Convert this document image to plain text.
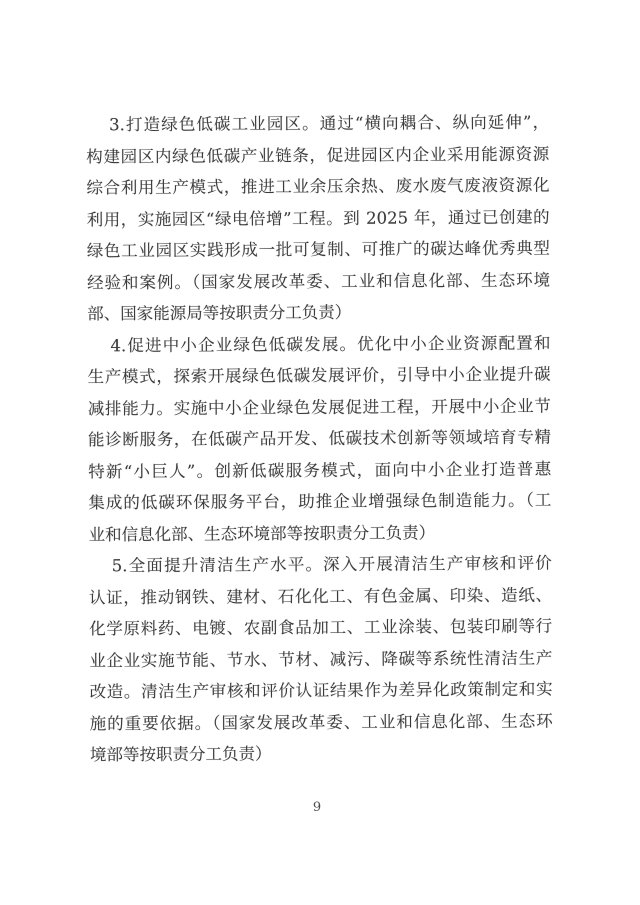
3.打造绿色低碳工业园区。通过“横向耦合、纵向延伸”，
构建园区内绿色低碳产业链条，促进园区内企业采用能源资源
综合利用生产模式，推进工业余压余热、废水废气废液资源化
利用，实施园区“绿电倍增”工程。到 2025 年，通过已创建的
绿色工业园区实践形成一批可复制、可推广的碳达峰优秀典型
经验和案例。（国家发展改革委、工业和信息化部、生态环境
部、国家能源局等按职责分工负责）
4.促进中小企业绿色低碳发展。优化中小企业资源配置和
生产模式，探索开展绿色低碳发展评价，引导中小企业提升碳
减排能力。实施中小企业绿色发展促进工程，开展中小企业节
能诊断服务，在低碳产品开发、低碳技术创新等领域培育专精
特新“小巨人”。创新低碳服务模式，面向中小企业打造普惠
集成的低碳环保服务平台，助推企业增强绿色制造能力。（工
业和信息化部、生态环境部等按职责分工负责）
5.全面提升清洁生产水平。深入开展清洁生产审核和评价
认证，推动钢铁、建材、石化化工、有色金属、印染、造纸、
化学原料药、电镀、农副食品加工、工业涂装、包装印刷等行
业企业实施节能、节水、节材、减污、降碳等系统性清洁生产
改造。清洁生产审核和评价认证结果作为差异化政策制定和实
施的重要依据。（国家发展改革委、工业和信息化部、生态环
境部等按职责分工负责）
9
